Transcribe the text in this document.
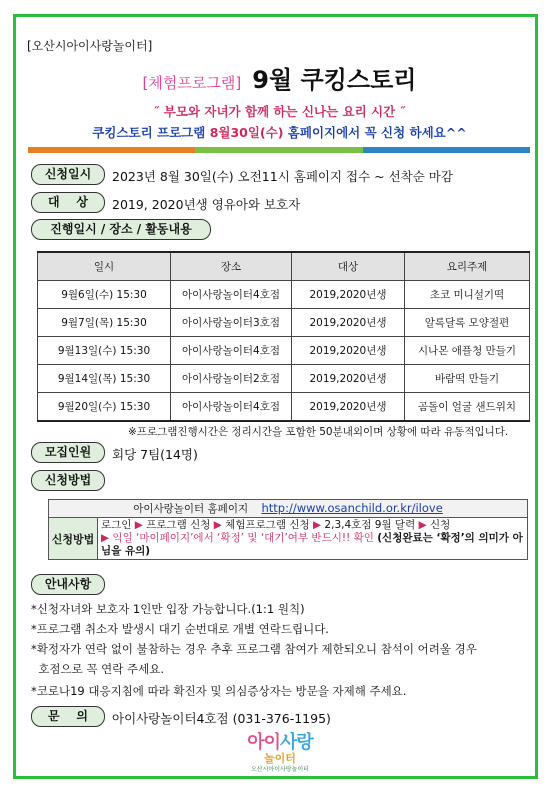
[오산시아이사랑놀이터]
[체험프로그램] 9월 쿠킹스토리
˝ 부모와 자녀가 함께 하는 신나는 요리 시간 ˝
쿠킹스토리 프로그램 8월30일(수) 홈페이지에서 꼭 신청 하세요^^
신청일시	2023년 8월 30일(수) 오전11시 홈페이지 접수 ~ 선착순 마감
대    상	2019, 2020년생 영유아와 보호자
진행일시 / 장소 / 활동내용
일시	장소	대상	요리주제
9월6일(수) 15:30	아이사랑놀이터4호점	2019,2020년생	초코 미니설기떡
9월7일(목) 15:30	아이사랑놀이터3호점	2019,2020년생	알록달록 모양절편
9월13일(수) 15:30	아이사랑놀이터4호점	2019,2020년생	시나몬 애플청 만들기
9월14일(목) 15:30	아이사랑놀이터2호점	2019,2020년생	바람떡 만들기
9월20일(수) 15:30	아이사랑놀이터4호점	2019,2020년생	곰돌이 얼굴 샌드위치
※프로그램진행시간은 정리시간을 포함한 50분내외이며 상황에 따라 유동적입니다.
모집인원	회당 7팀(14명)
신청방법
아이사랑놀이터 홈페이지 http://www.osanchild.or.kr/ilove
신청방법
로그인 ▶ 프로그램 신청 ▶ 체험프로그램 신청 ▶ 2,3,4호점 9월 달력 ▶ 신청
▶ 익일 ‘마이페이지’에서 ‘확정’ 및 ‘대기’여부 반드시!! 확인 (신청완료는 ‘확정’의 의미가 아님을 유의)
안내사항
*신청자녀와 보호자 1인만 입장 가능합니다.(1:1 원칙)
*프로그램 취소자 발생시 대기 순번대로 개별 연락드립니다.
*확정자가 연락 없이 불참하는 경우 추후 프로그램 참여가 제한되오니 참석이 어려울 경우
호점으로 꼭 연락 주세요.
*코로나19 대응지침에 따라 확진자 및 의심증상자는 방문을 자제해 주세요.
문    의	아이사랑놀이터4호점 (031-376-1195)
아이사랑
놀이터
오산시아이사랑놀이터
